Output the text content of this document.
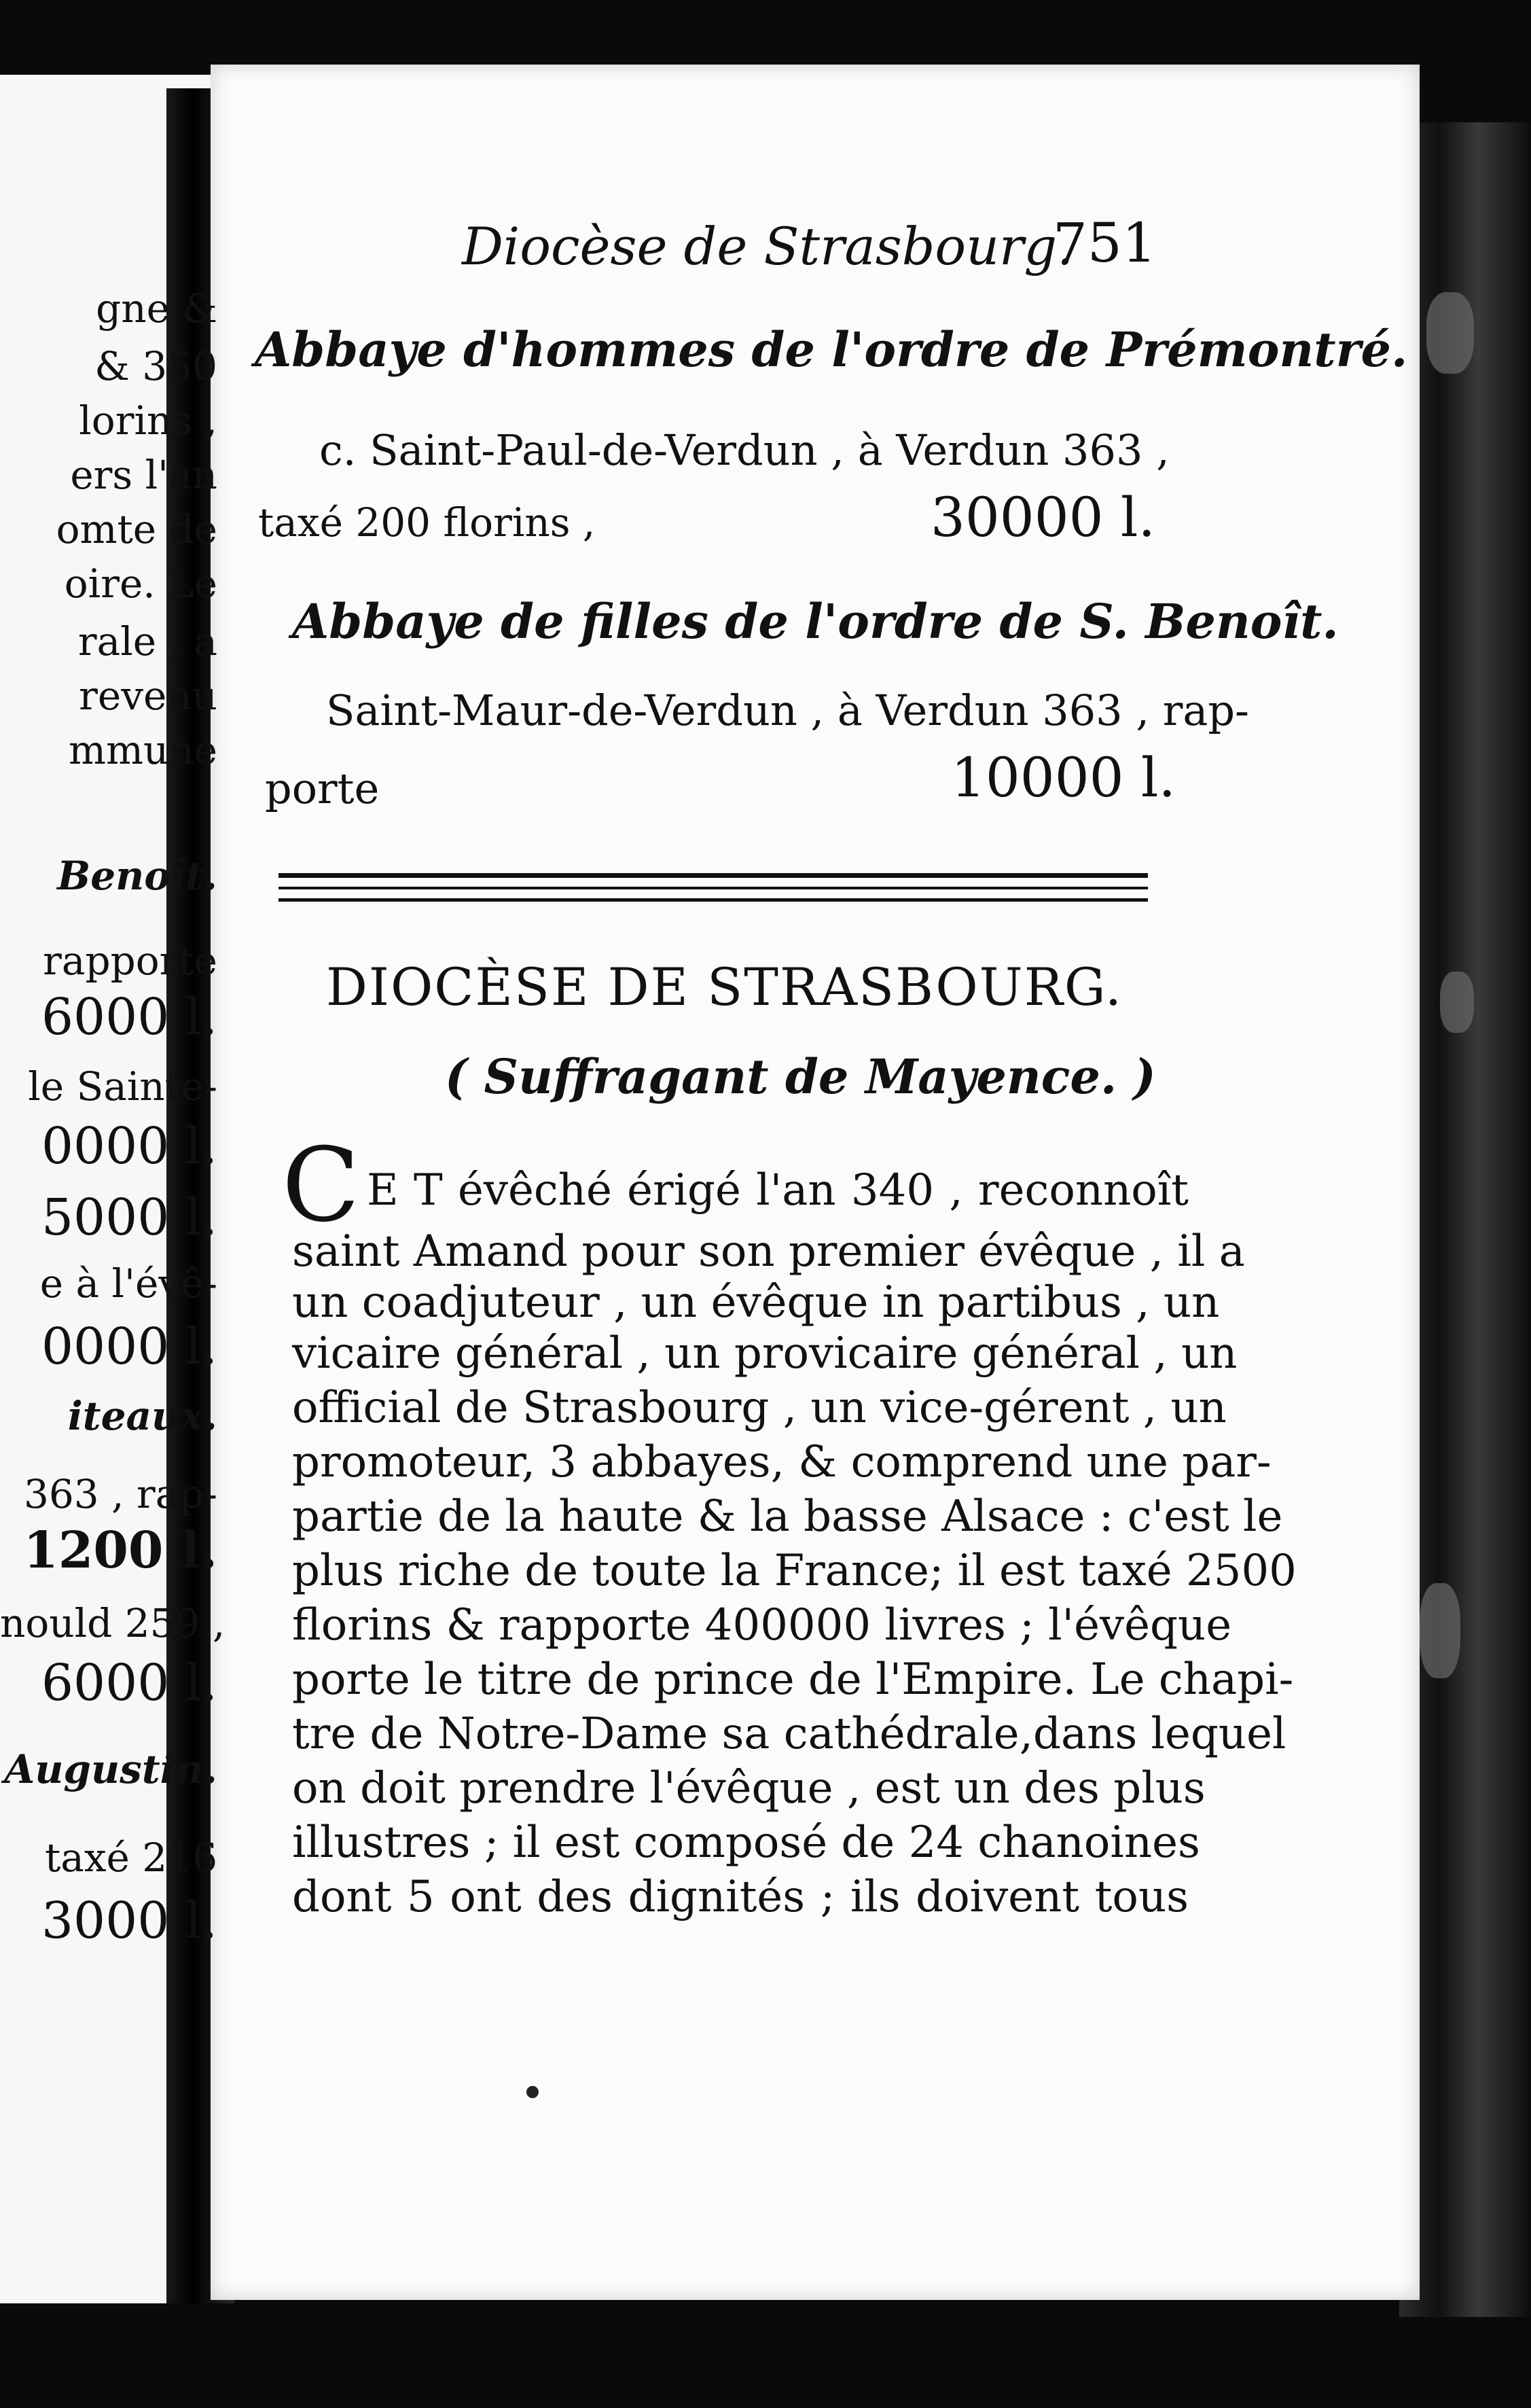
gne &
& 350
lorins ,
ers l'an
omte de
oire. Le
rale , a
revenu
mmune
Benoît.
rapporte
6000 l.
le Sainte-
0000 l.
5000 l.
e à l'évê-
0000 l.
iteaux.
363 , rap-
1200 l.
nould 259 ,
6000 l.
Augustin.
taxé 216
3000 l.
Diocèse de Strasbourg.
751
Abbaye d'hommes de l'ordre de Prémontré.
c. Saint-Paul-de-Verdun , à Verdun 363 ,
taxé 200 florins ,	30000 l.
Abbaye de filles de l'ordre de S. Benoît.
Saint-Maur-de-Verdun , à Verdun 363 , rap-
porte	10000 l.
DIOCÈSE DE STRASBOURG.
( Suffragant de Mayence. )
C E T évêché érigé l'an 340 , reconnoît
saint Amand pour son premier évêque , il a
un coadjuteur , un évêque in partibus , un
vicaire général , un provicaire général , un
official de Strasbourg , un vice-gérent , un
promoteur, 3 abbayes, & comprend une par-
partie de la haute & la basse Alsace : c'est le
plus riche de toute la France; il est taxé 2500
florins & rapporte 400000 livres ; l'évêque
porte le titre de prince de l'Empire. Le chapi-
tre de Notre-Dame sa cathédrale,dans lequel
on doit prendre l'évêque , est un des plus
illustres ; il est composé de 24 chanoines
dont 5 ont des dignités ; ils doivent tous
